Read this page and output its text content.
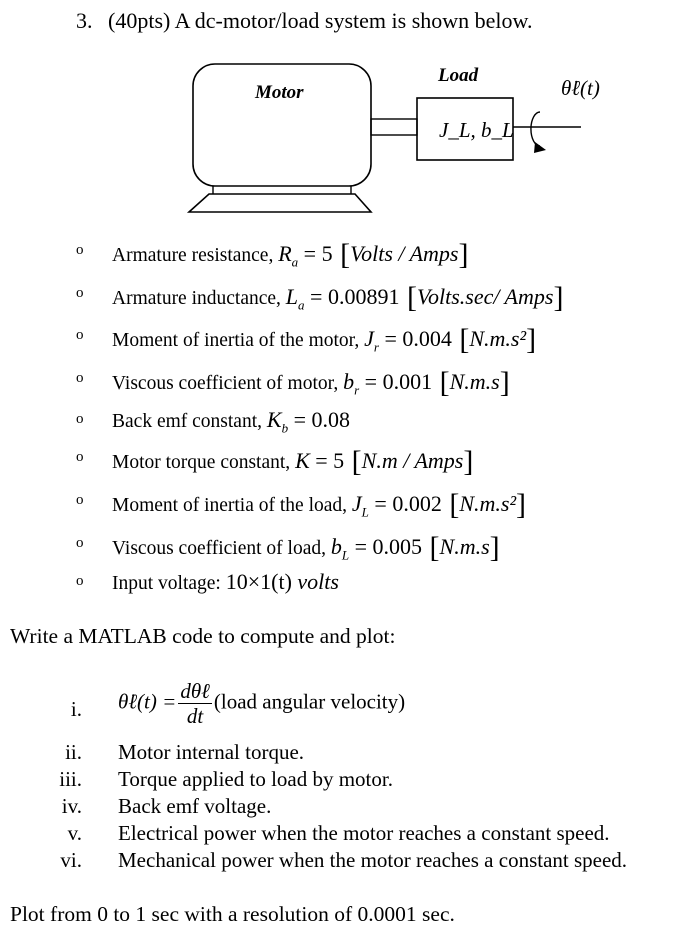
3. (40pts) A dc-motor/load system is shown below.
Motor
Load
J_L, b_L
θ̇ℓ(t)
o Armature resistance, $R_a = 5$ [Volts / Amps]
o Armature inductance, $L_a = 0.00891$ [Volts.sec/ Amps]
o Moment of inertia of the motor, $J_r = 0.004$ [N.m.s²]
o Viscous coefficient of motor, $b_r = 0.001$ [N.m.s]
o Back emf constant, $K_b = 0.08$
o Motor torque constant, K = 5 [N.m / Amps]
o Moment of inertia of the load, $J_L = 0.002$ [N.m.s²]
o Viscous coefficient of load, $b_L = 0.005$ [N.m.s]
o Input voltage: 10×1(t) volts
Write a MATLAB code to compute and plot:
i. θ̇ℓ(t) = $\frac{\text{dθℓ}}{dt}$ (load angular velocity)
ii. Motor internal torque.
iii. Torque applied to load by motor.
iv. Back emf voltage.
v. Electrical power when the motor reaches a constant speed.
vi. Mechanical power when the motor reaches a constant speed.
Plot from 0 to 1 sec with a resolution of 0.0001 sec.
